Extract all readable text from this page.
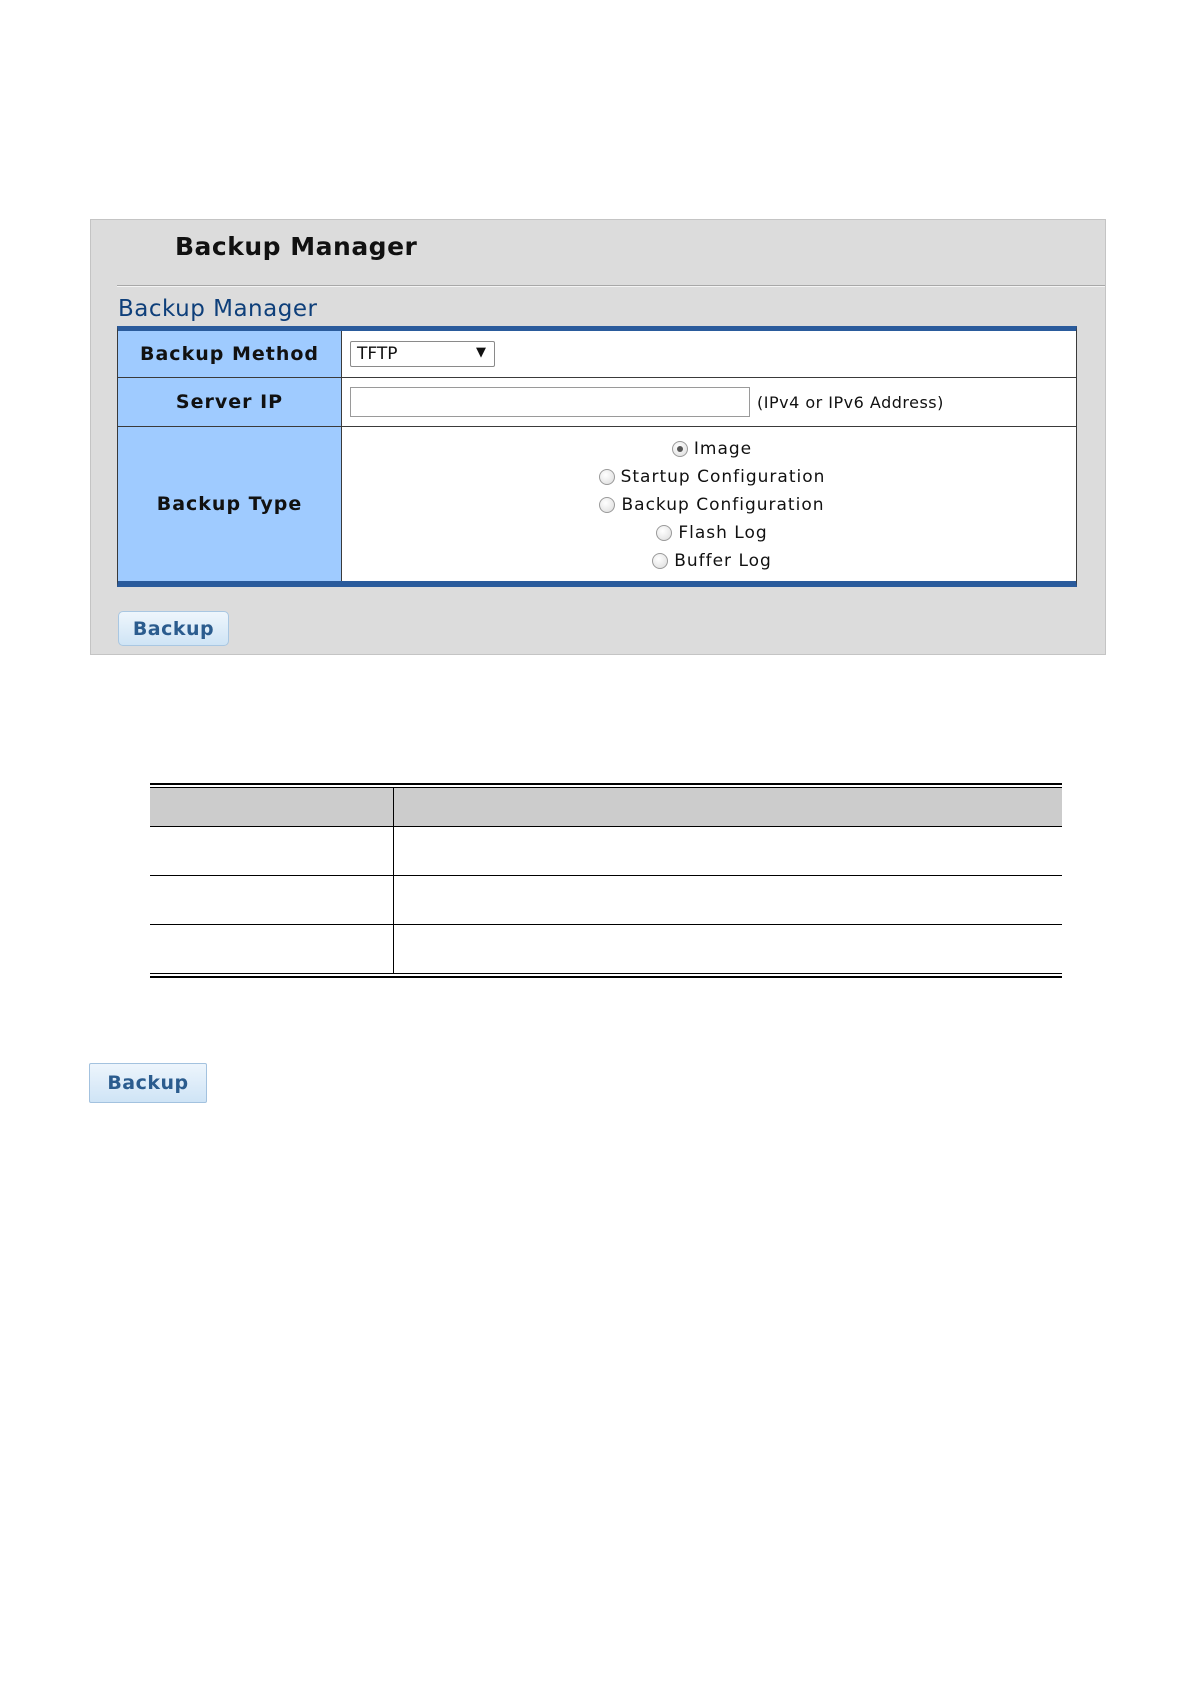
Backup Manager
Backup Manager
Backup Method	TFTP	▼
Server IP	(IPv4 or IPv6 Address)
Backup Type
Image
Startup Configuration
Backup Configuration
Flash Log
Buffer Log
Backup
Backup
